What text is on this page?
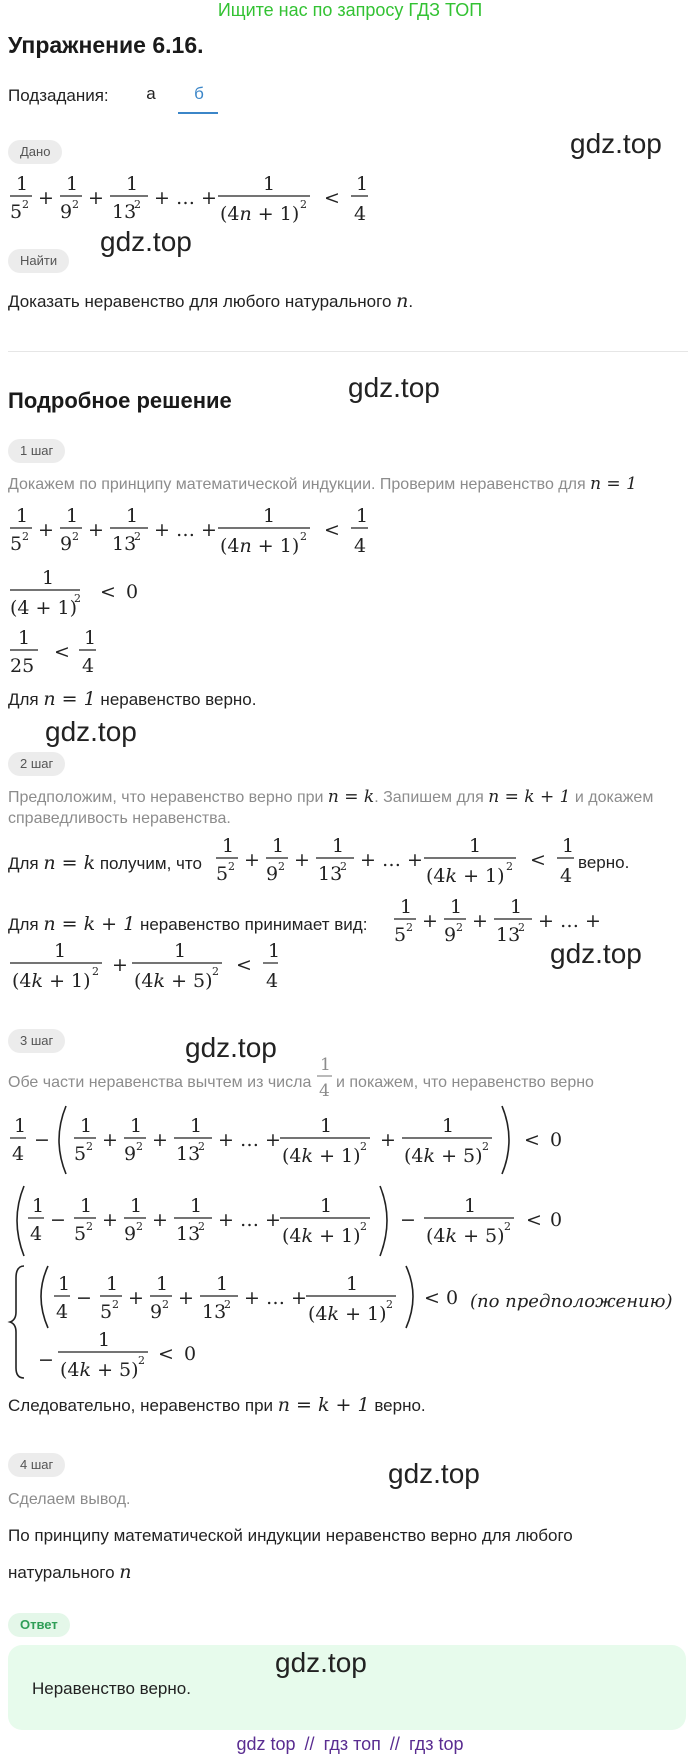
Ищите нас по запросу ГДЗ ТОП
Упражнение 6.16.
Подзадания:	а	б
Дано	gdz.top
1
5 2 +
1
9 2 +
1
13
2 + … +
1
(4n + 1) 2 <
1
4
gdz.top
Найти
Доказать неравенство для любого натурального n.
Подробное решение	gdz.top
1 шаг
Докажем по принципу математической индукции. Проверим неравенство для n = 1
1
5 2 +
1
9 2 +
1
13
2 + … +
1
(4n + 1) 2 <
1
4
1
(4 + 1)
2 < 0
1
25
<
1
4
Для n = 1 неравенство верно.
gdz.top
2 шаг
Предположим, что неравенство верно при n = k. Запишем для n = k + 1 и докажем
справедливость неравенства.
Для n = k получим, что
1
5 2 +
1
9 2 +
1
13
2 + … +
1
(4k + 1) 2 <
1
4
верно.
Для n = k + 1 неравенство принимает вид:
1
5 2 +
1
9 2 +
1
13
2 + … +
1
(4k + 1) 2 +
1
(4k + 5) 2 <
1
4
gdz.top
3 шаг	gdz.top
Обе части неравенства вычтем из числа
1
4 и покажем, что неравенство верно
1
4
−
1
5 2 +
1
9 2 +
1
13
2 + … +
1
(4k + 1) 2 +
1
(4k + 5) 2 < 0
1
4
−
1
5 2 +
1
9 2 +
1
13
2 + … +
1
(4k + 1) 2 −
1
(4k + 5) 2 < 0
1
4
−
1
5 2 +
1
9 2 +
1
13
2 + … +
1
(4k + 1) 2 < 0
−
1
(4k + 5) 2 < 0
(по предположению)
Следовательно, неравенство при n = k + 1 верно.
4 шаг	gdz.top
Сделаем вывод.
По принципу математической индукции неравенство верно для любого
натурального n
Ответ
Неравенство верно.
gdz.top
gdz top // гдз топ // гдз top
